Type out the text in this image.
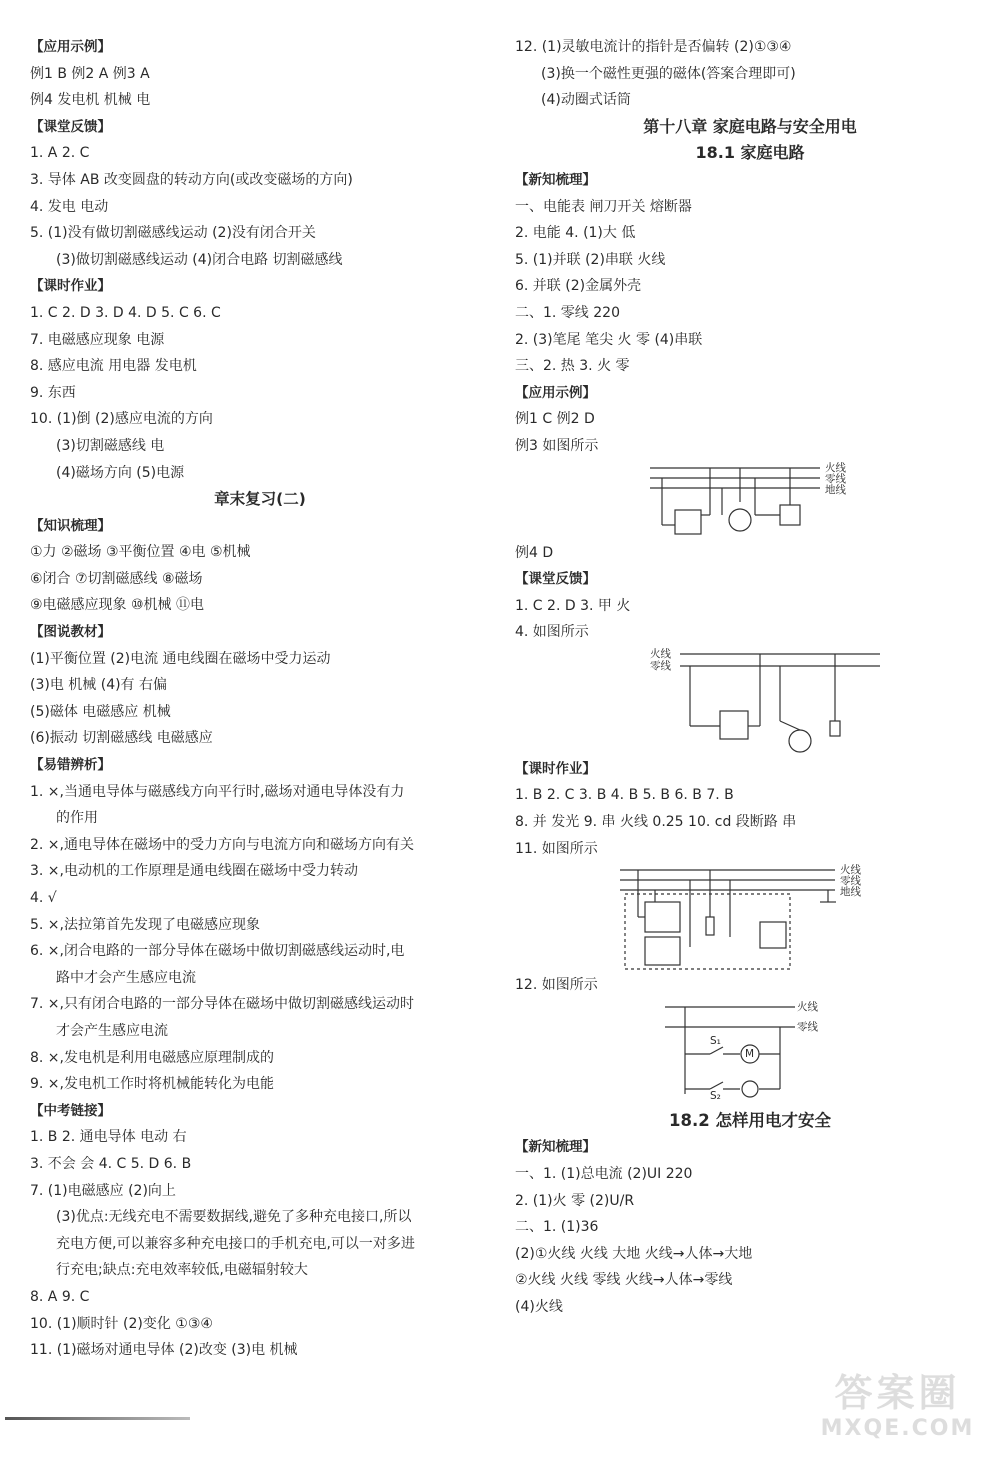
【应用示例】
例1 B 例2 A 例3 A
例4 发电机 机械 电
【课堂反馈】
1. A 2. C
3. 导体 AB 改变圆盘的转动方向(或改变磁场的方向)
4. 发电 电动
5. (1)没有做切割磁感线运动 (2)没有闭合开关
(3)做切割磁感线运动 (4)闭合电路 切割磁感线
【课时作业】
1. C 2. D 3. D 4. D 5. C 6. C
7. 电磁感应现象 电源
8. 感应电流 用电器 发电机
9. 东西
10. (1)倒 (2)感应电流的方向
(3)切割磁感线 电
(4)磁场方向 (5)电源
章末复习(二)
【知识梳理】
①力 ②磁场 ③平衡位置 ④电 ⑤机械
⑥闭合 ⑦切割磁感线 ⑧磁场
⑨电磁感应现象 ⑩机械 ⑪电
【图说教材】
(1)平衡位置 (2)电流 通电线圈在磁场中受力运动
(3)电 机械 (4)有 右偏
(5)磁体 电磁感应 机械
(6)振动 切割磁感线 电磁感应
【易错辨析】
1. ×,当通电导体与磁感线方向平行时,磁场对通电导体没有力
的作用
2. ×,通电导体在磁场中的受力方向与电流方向和磁场方向有关
3. ×,电动机的工作原理是通电线圈在磁场中受力转动
4. √
5. ×,法拉第首先发现了电磁感应现象
6. ×,闭合电路的一部分导体在磁场中做切割磁感线运动时,电
路中才会产生感应电流
7. ×,只有闭合电路的一部分导体在磁场中做切割磁感线运动时
才会产生感应电流
8. ×,发电机是利用电磁感应原理制成的
9. ×,发电机工作时将机械能转化为电能
【中考链接】
1. B 2. 通电导体 电动 右
3. 不会 会 4. C 5. D 6. B
7. (1)电磁感应 (2)向上
(3)优点:无线充电不需要数据线,避免了多种充电接口,所以
充电方便,可以兼容多种充电接口的手机充电,可以一对多进
行充电;缺点:充电效率较低,电磁辐射较大
8. A 9. C
10. (1)顺时针 (2)变化 ①③④
11. (1)磁场对通电导体 (2)改变 (3)电 机械
12. (1)灵敏电流计的指针是否偏转 (2)①③④
(3)换一个磁性更强的磁体(答案合理即可)
(4)动圈式话筒
第十八章 家庭电路与安全用电
18.1 家庭电路
【新知梳理】
一、电能表 闸刀开关 熔断器
2. 电能 4. (1)大 低
5. (1)并联 (2)串联 火线
6. 并联 (2)金属外壳
二、1. 零线 220
2. (3)笔尾 笔尖 火 零 (4)串联
三、2. 热 3. 火 零
【应用示例】
例1 C 例2 D
例3 如图所示
火线
零线
地线
例4 D
【课堂反馈】
1. C 2. D 3. 甲 火
4. 如图所示
火线
零线
【课时作业】
1. B 2. C 3. B 4. B 5. B 6. B 7. B
8. 并 发光 9. 串 火线 0.25 10. cd 段断路 串
11. 如图所示
火线
零线
地线
12. 如图所示
火线
零线
S₁
M
S₂
18.2 怎样用电才安全
【新知梳理】
一、1. (1)总电流 (2)UI 220
2. (1)火 零 (2)U/R
二、1. (1)36
(2)①火线 火线 大地 火线→人体→大地
②火线 火线 零线 火线→人体→零线
(4)火线
答案圈
MXQE.COM
